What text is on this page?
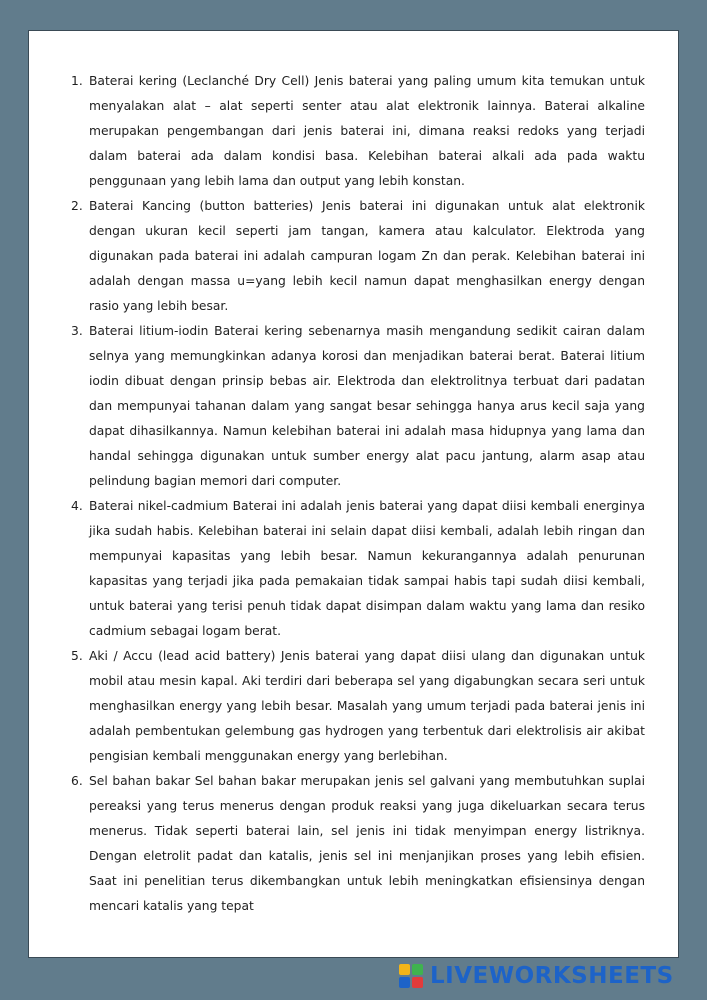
1. Baterai kering (Leclanché Dry Cell) Jenis baterai yang paling umum kita temukan untuk menyalakan alat – alat seperti senter atau alat elektronik lainnya. Baterai alkaline merupakan pengembangan dari jenis baterai ini, dimana reaksi redoks yang terjadi dalam baterai ada dalam kondisi basa. Kelebihan baterai alkali ada pada waktu penggunaan yang lebih lama dan output yang lebih konstan.
2. Baterai Kancing (button batteries) Jenis baterai ini digunakan untuk alat elektronik dengan ukuran kecil seperti jam tangan, kamera atau kalculator. Elektroda yang digunakan pada baterai ini adalah campuran logam Zn dan perak. Kelebihan baterai ini adalah dengan massa u=yang lebih kecil namun dapat menghasilkan energy dengan rasio yang lebih besar.
3. Baterai litium-iodin Baterai kering sebenarnya masih mengandung sedikit cairan dalam selnya yang memungkinkan adanya korosi dan menjadikan baterai berat. Baterai litium iodin dibuat dengan prinsip bebas air. Elektroda dan elektrolitnya terbuat dari padatan dan mempunyai tahanan dalam yang sangat besar sehingga hanya arus kecil saja yang dapat dihasilkannya. Namun kelebihan baterai ini adalah masa hidupnya yang lama dan handal sehingga digunakan untuk sumber energy alat pacu jantung, alarm asap atau pelindung bagian memori dari computer.
4. Baterai nikel-cadmium Baterai ini adalah jenis baterai yang dapat diisi kembali energinya jika sudah habis. Kelebihan baterai ini selain dapat diisi kembali, adalah lebih ringan dan mempunyai kapasitas yang lebih besar. Namun kekurangannya adalah penurunan kapasitas yang terjadi jika pada pemakaian tidak sampai habis tapi sudah diisi kembali, untuk baterai yang terisi penuh tidak dapat disimpan dalam waktu yang lama dan resiko cadmium sebagai logam berat.
5. Aki / Accu (lead acid battery) Jenis baterai yang dapat diisi ulang dan digunakan untuk mobil atau mesin kapal. Aki terdiri dari beberapa sel yang digabungkan secara seri untuk menghasilkan energy yang lebih besar. Masalah yang umum terjadi pada baterai jenis ini adalah pembentukan gelembung gas hydrogen yang terbentuk dari elektrolisis air akibat pengisian kembali menggunakan energy yang berlebihan.
6. Sel bahan bakar Sel bahan bakar merupakan jenis sel galvani yang membutuhkan suplai pereaksi yang terus menerus dengan produk reaksi yang juga dikeluarkan secara terus menerus. Tidak seperti baterai lain, sel jenis ini tidak menyimpan energy listriknya. Dengan eletrolit padat dan katalis, jenis sel ini menjanjikan proses yang lebih efisien. Saat ini penelitian terus dikembangkan untuk lebih meningkatkan efisiensinya dengan mencari katalis yang tepat
LIVEWORKSHEETS
